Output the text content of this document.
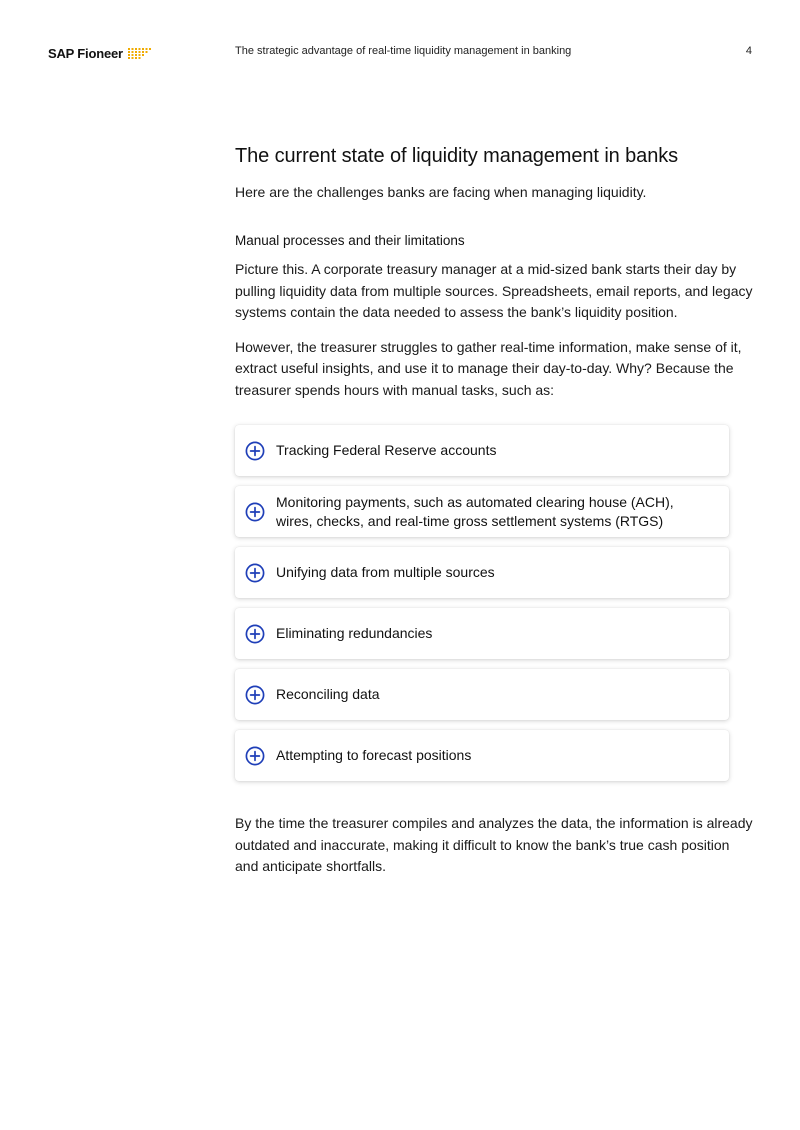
SAP Fioneer	The strategic advantage of real-time liquidity management in banking	4
The current state of liquidity management in banks

Here are the challenges banks are facing when managing liquidity.

Manual processes and their limitations

Picture this. A corporate treasury manager at a mid-sized bank starts their day by pulling liquidity data from multiple sources. Spreadsheets, email reports, and legacy systems contain the data needed to assess the bank’s liquidity position.

However, the treasurer struggles to gather real-time information, make sense of it, extract useful insights, and use it to manage their day-to-day. Why? Because the treasurer spends hours with manual tasks, such as:

Tracking Federal Reserve accounts
Monitoring payments, such as automated clearing house (ACH), wires, checks, and real-time gross settlement systems (RTGS)
Unifying data from multiple sources
Eliminating redundancies
Reconciling data
Attempting to forecast positions

By the time the treasurer compiles and analyzes the data, the information is already outdated and inaccurate, making it difficult to know the bank’s true cash position and anticipate shortfalls.
